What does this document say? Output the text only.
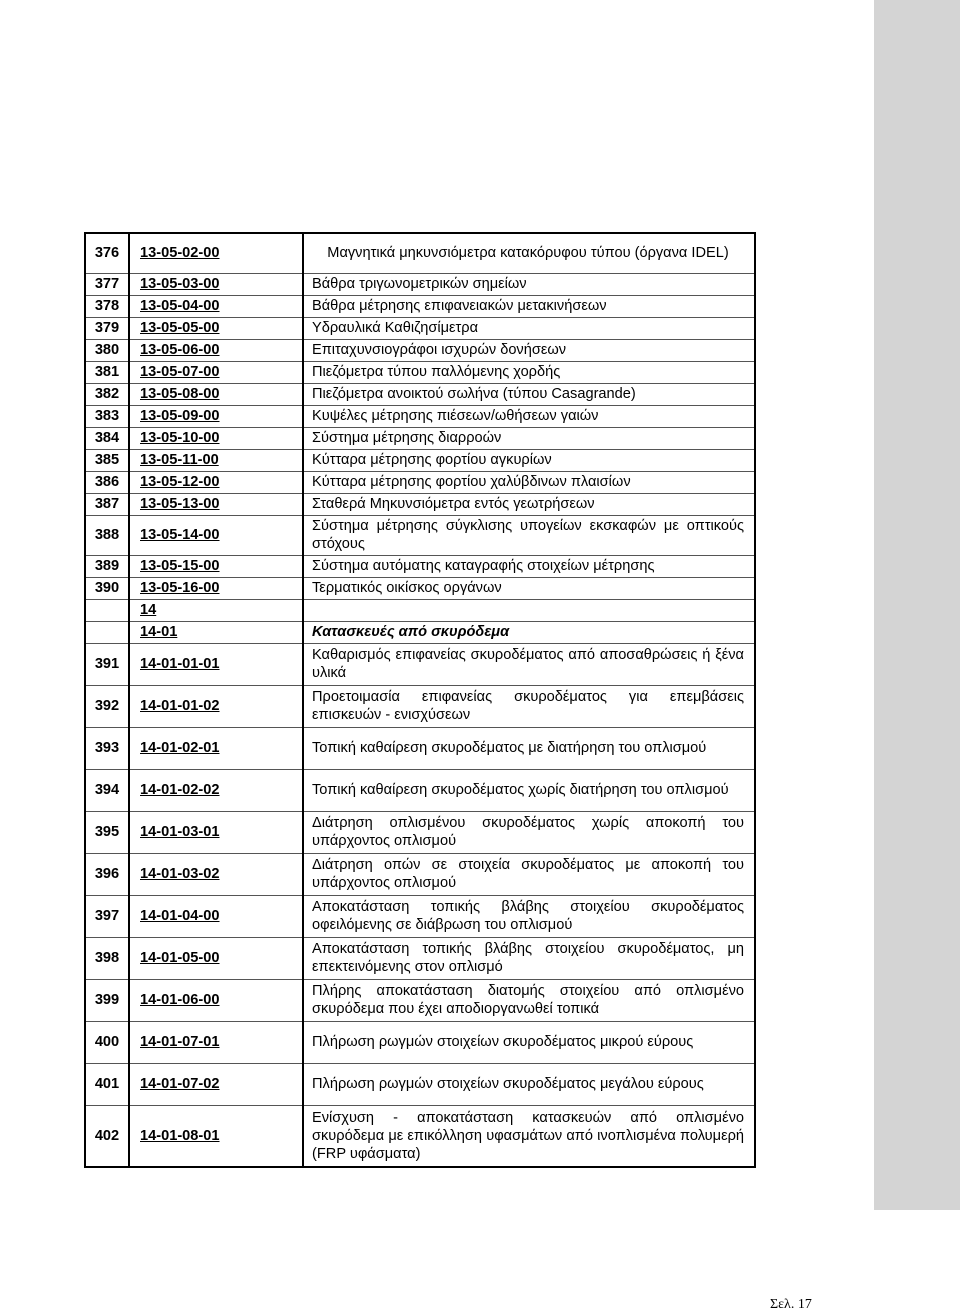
376	13-05-02-00	Μαγνητικά μηκυνσιόμετρα κατακόρυφου τύπου (όργανα IDEL)
377	13-05-03-00	Βάθρα τριγωνομετρικών σημείων
378	13-05-04-00	Βάθρα μέτρησης επιφανειακών μετακινήσεων
379	13-05-05-00	Υδραυλικά Καθιζησίμετρα
380	13-05-06-00	Επιταχυνσιογράφοι ισχυρών δονήσεων
381	13-05-07-00	Πιεζόμετρα τύπου παλλόμενης χορδής
382	13-05-08-00	Πιεζόμετρα ανοικτού σωλήνα (τύπου Casagrande)
383	13-05-09-00	Κυψέλες μέτρησης πιέσεων/ωθήσεων γαιών
384	13-05-10-00	Σύστημα μέτρησης διαρροών
385	13-05-11-00	Κύτταρα μέτρησης φορτίου αγκυρίων
386	13-05-12-00	Κύτταρα μέτρησης φορτίου χαλύβδινων πλαισίων
387	13-05-13-00	Σταθερά Μηκυνσιόμετρα εντός γεωτρήσεων
388	13-05-14-00	Σύστημα μέτρησης σύγκλισης υπογείων εκσκαφών με οπτικούς στόχους
389	13-05-15-00	Σύστημα αυτόματης καταγραφής στοιχείων μέτρησης
390	13-05-16-00	Τερματικός οικίσκος οργάνων
	14	
	14-01	Κατασκευές από σκυρόδεμα
391	14-01-01-01	Καθαρισμός επιφανείας σκυροδέματος από αποσαθρώσεις ή ξένα υλικά
392	14-01-01-02	Προετοιμασία επιφανείας σκυροδέματος για επεμβάσεις επισκευών - ενισχύσεων
393	14-01-02-01	Τοπική καθαίρεση σκυροδέματος με διατήρηση του οπλισμού
394	14-01-02-02	Τοπική καθαίρεση σκυροδέματος χωρίς διατήρηση του οπλισμού
395	14-01-03-01	Διάτρηση οπλισμένου σκυροδέματος χωρίς αποκοπή του υπάρχοντος οπλισμού
396	14-01-03-02	Διάτρηση οπών σε στοιχεία σκυροδέματος με αποκοπή του υπάρχοντος οπλισμού
397	14-01-04-00	Αποκατάσταση τοπικής βλάβης στοιχείου σκυροδέματος οφειλόμενης σε διάβρωση του οπλισμού
398	14-01-05-00	Αποκατάσταση τοπικής βλάβης στοιχείου σκυροδέματος, μη επεκτεινόμενης στον οπλισμό
399	14-01-06-00	Πλήρης αποκατάσταση διατομής στοιχείου από οπλισμένο σκυρόδεμα που έχει αποδιοργανωθεί τοπικά
400	14-01-07-01	Πλήρωση ρωγμών στοιχείων σκυροδέματος μικρού εύρους
401	14-01-07-02	Πλήρωση ρωγμών στοιχείων σκυροδέματος μεγάλου εύρους
402	14-01-08-01	Ενίσχυση - αποκατάσταση κατασκευών από οπλισμένο σκυρόδεμα με επικόλληση υφασμάτων από ινοπλισμένα πολυμερή (FRP υφάσματα)
Σελ. 17
